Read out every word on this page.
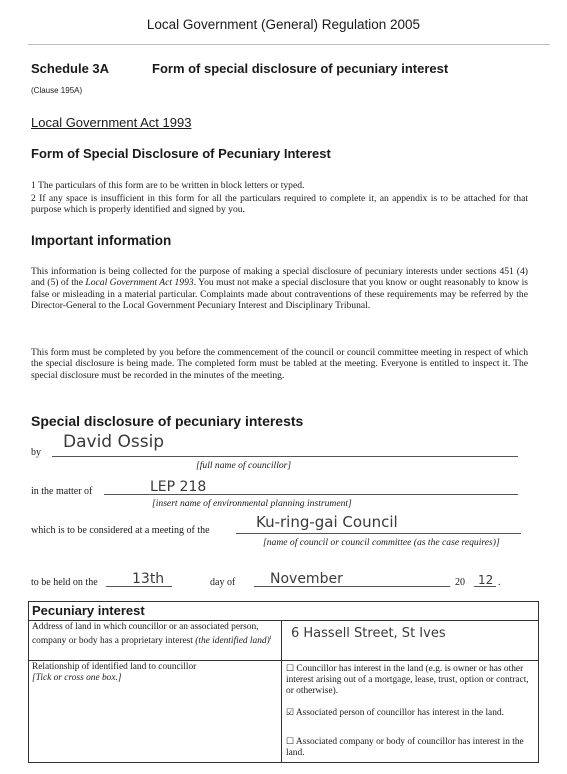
Local Government (General) Regulation 2005
Schedule 3A	Form of special disclosure of pecuniary interest
(Clause 195A)
Local Government Act 1993
Form of Special Disclosure of Pecuniary Interest
1 The particulars of this form are to be written in block letters or typed.
2 If any space is insufficient in this form for all the particulars required to complete it, an appendix is to be attached for that purpose which is properly identified and signed by you.
Important information
This information is being collected for the purpose of making a special disclosure of pecuniary interests under sections 451 (4) and (5) of the Local Government Act 1993. You must not make a special disclosure that you know or ought reasonably to know is false or misleading in a material particular. Complaints made about contraventions of these requirements may be referred by the Director-General to the Local Government Pecuniary Interest and Disciplinary Tribunal.
This form must be completed by you before the commencement of the council or council committee meeting in respect of which the special disclosure is being made. The completed form must be tabled at the meeting. Everyone is entitled to inspect it. The special disclosure must be recorded in the minutes of the meeting.
Special disclosure of pecuniary interests
by
David Ossip
[full name of councillor]
in the matter of	LEP 218
[insert name of environmental planning instrument]
which is to be considered at a meeting of the	Ku-ring-gai Council
[name of council or council committee (as the case requires)]
to be held on the 13th	day of November	20 12 .
Pecuniary interest
Address of land in which councillor or an associated person, company or body has a proprietary interest (the identified land)$^i$	6 Hassell Street, St Ives
Relationship of identified land to councillor
[Tick or cross one box.]
☐ Councillor has interest in the land (e.g. is owner or has other interest arising out of a mortgage, lease, trust, option or contract, or otherwise).
☑ Associated person of councillor has interest in the land.
☐ Associated company or body of councillor has interest in the land.
